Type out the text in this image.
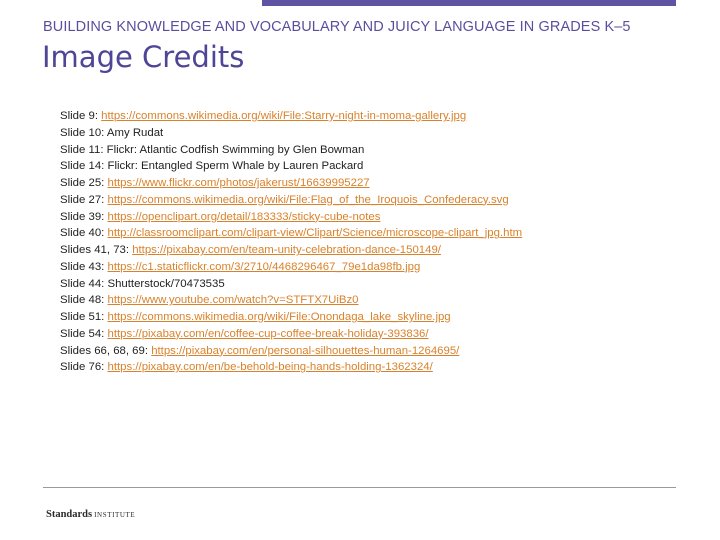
BUILDING KNOWLEDGE AND VOCABULARY AND JUICY LANGUAGE IN GRADES K–5
Image Credits
Slide 9: https://commons.wikimedia.org/wiki/File:Starry-night-in-moma-gallery.jpg
Slide 10: Amy Rudat
Slide 11: Flickr: Atlantic Codfish Swimming by Glen Bowman
Slide 14: Flickr: Entangled Sperm Whale by Lauren Packard
Slide 25: https://www.flickr.com/photos/jakerust/16639995227
Slide 27: https://commons.wikimedia.org/wiki/File:Flag_of_the_Iroquois_Confederacy.svg
Slide 39: https://openclipart.org/detail/183333/sticky-cube-notes
Slide 40: http://classroomclipart.com/clipart-view/Clipart/Science/microscope-clipart_jpg.htm
Slides 41, 73: https://pixabay.com/en/team-unity-celebration-dance-150149/
Slide 43: https://c1.staticflickr.com/3/2710/4468296467_79e1da98fb.jpg
Slide 44: Shutterstock/70473535
Slide 48: https://www.youtube.com/watch?v=STFTX7UiBz0
Slide 51: https://commons.wikimedia.org/wiki/File:Onondaga_lake_skyline.jpg
Slide 54: https://pixabay.com/en/coffee-cup-coffee-break-holiday-393836/
Slides 66, 68, 69: https://pixabay.com/en/personal-silhouettes-human-1264695/
Slide 76: https://pixabay.com/en/be-behold-being-hands-holding-1362324/
Standards INSTITUTE
